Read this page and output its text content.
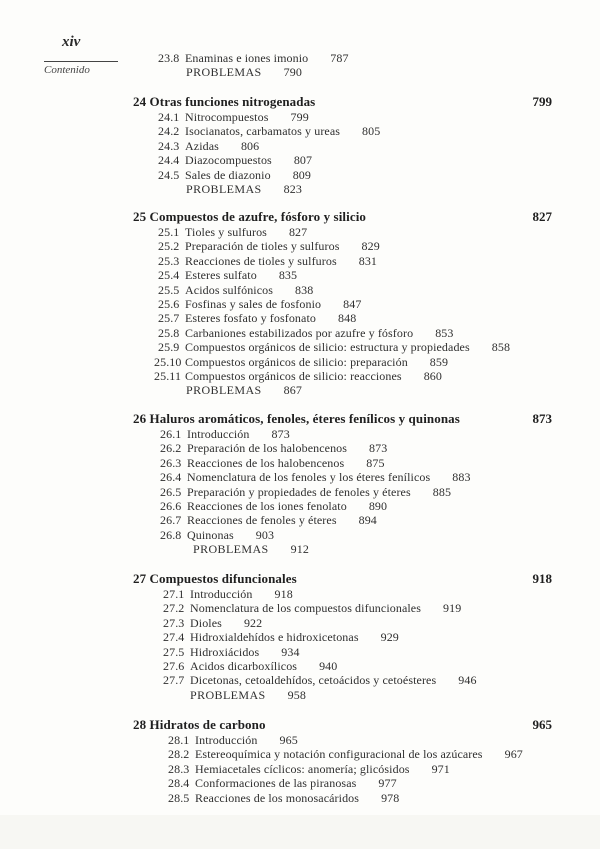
xiv
Contenido
23.8 Enaminas e iones imonio 787
PROBLEMAS 790
24 Otras funciones nitrogenadas	799
24.1 Nitrocompuestos 799
24.2 Isocianatos, carbamatos y ureas 805
24.3 Azidas 806
24.4 Diazocompuestos 807
24.5 Sales de diazonio 809
PROBLEMAS 823
25 Compuestos de azufre, fósforo y silicio	827
25.1 Tioles y sulfuros 827
25.2 Preparación de tioles y sulfuros 829
25.3 Reacciones de tioles y sulfuros 831
25.4 Esteres sulfato 835
25.5 Acidos sulfónicos 838
25.6 Fosfinas y sales de fosfonio 847
25.7 Esteres fosfato y fosfonato 848
25.8 Carbaniones estabilizados por azufre y fósforo 853
25.9 Compuestos orgánicos de silicio: estructura y propiedades 858
25.10 Compuestos orgánicos de silicio: preparación 859
25.11 Compuestos orgánicos de silicio: reacciones 860
PROBLEMAS 867
26 Haluros aromáticos, fenoles, éteres fenílicos y quinonas	873
26.1 Introducción 873
26.2 Preparación de los halobencenos 873
26.3 Reacciones de los halobencenos 875
26.4 Nomenclatura de los fenoles y los éteres fenílicos 883
26.5 Preparación y propiedades de fenoles y éteres 885
26.6 Reacciones de los iones fenolato 890
26.7 Reacciones de fenoles y éteres 894
26.8 Quinonas 903
PROBLEMAS 912
27 Compuestos difuncionales	918
27.1 Introducción 918
27.2 Nomenclatura de los compuestos difuncionales 919
27.3 Dioles 922
27.4 Hidroxialdehídos e hidroxicetonas 929
27.5 Hidroxiácidos 934
27.6 Acidos dicarboxílicos 940
27.7 Dicetonas, cetoaldehídos, cetoácidos y cetoésteres 946
PROBLEMAS 958
28 Hidratos de carbono	965
28.1 Introducción 965
28.2 Estereoquímica y notación configuracional de los azúcares 967
28.3 Hemiacetales cíclicos: anomería; glicósidos 971
28.4 Conformaciones de las piranosas 977
28.5 Reacciones de los monosacáridos 978
